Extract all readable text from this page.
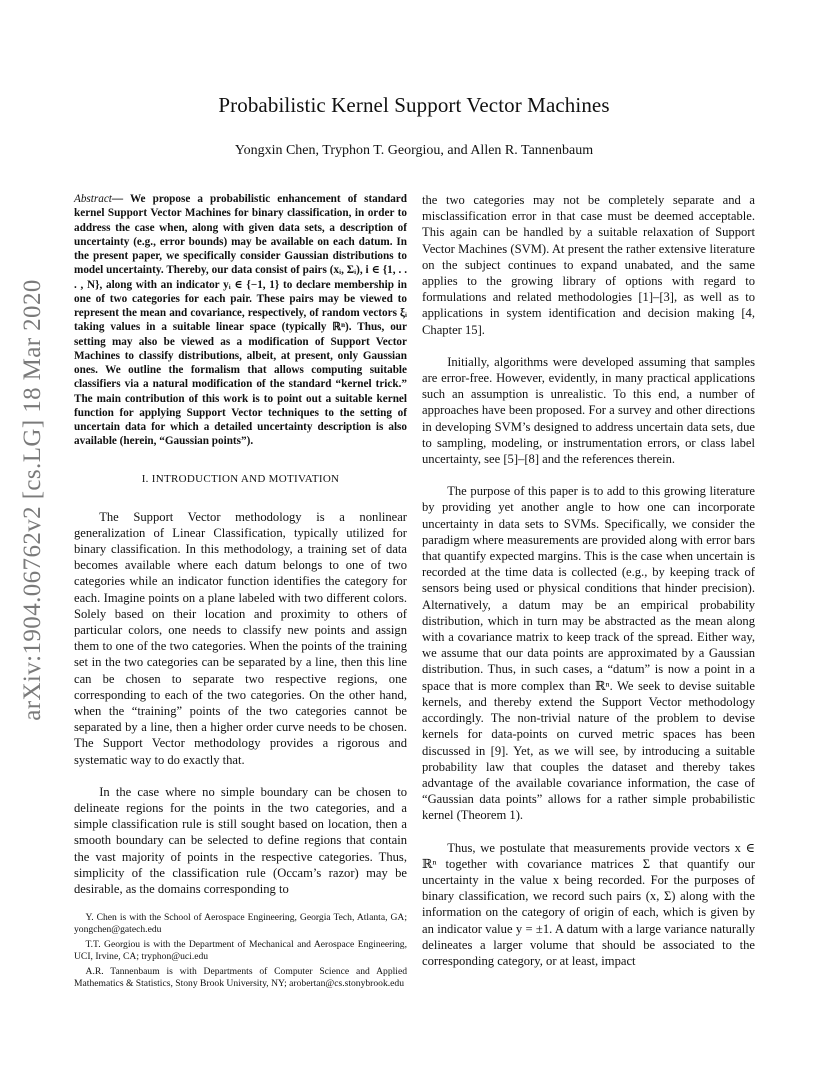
Probabilistic Kernel Support Vector Machines
Yongxin Chen, Tryphon T. Georgiou, and Allen R. Tannenbaum
arXiv:1904.06762v2 [cs.LG] 18 Mar 2020

Abstract— We propose a probabilistic enhancement of standard kernel Support Vector Machines for binary classification, in order to address the case when, along with given data sets, a description of uncertainty (e.g., error bounds) may be available on each datum. In the present paper, we specifically consider Gaussian distributions to model uncertainty. Thereby, our data consist of pairs (xᵢ, Σᵢ), i ∈ {1, . . . , N}, along with an indicator yᵢ ∈ {−1, 1} to declare membership in one of two categories for each pair. These pairs may be viewed to represent the mean and covariance, respectively, of random vectors ξᵢ taking values in a suitable linear space (typically ℝⁿ). Thus, our setting may also be viewed as a modification of Support Vector Machines to classify distributions, albeit, at present, only Gaussian ones. We outline the formalism that allows computing suitable classifiers via a natural modification of the standard “kernel trick.” The main contribution of this work is to point out a suitable kernel function for applying Support Vector techniques to the setting of uncertain data for which a detailed uncertainty description is also available (herein, “Gaussian points”).

I. INTRODUCTION AND MOTIVATION

The Support Vector methodology is a nonlinear generalization of Linear Classification, typically utilized for binary classification. In this methodology, a training set of data becomes available where each datum belongs to one of two categories while an indicator function identifies the category for each. Imagine points on a plane labeled with two different colors. Solely based on their location and proximity to others of particular colors, one needs to classify new points and assign them to one of the two categories. When the points of the training set in the two categories can be separated by a line, then this line can be chosen to separate two respective regions, one corresponding to each of the two categories. On the other hand, when the “training” points of the two categories cannot be separated by a line, then a higher order curve needs to be chosen. The Support Vector methodology provides a rigorous and systematic way to do exactly that.

In the case where no simple boundary can be chosen to delineate regions for the points in the two categories, and a simple classification rule is still sought based on location, then a smooth boundary can be selected to define regions that contain the vast majority of points in the respective categories. Thus, simplicity of the classification rule (Occam’s razor) may be desirable, as the domains corresponding to

the two categories may not be completely separate and a misclassification error in that case must be deemed acceptable. This again can be handled by a suitable relaxation of Support Vector Machines (SVM). At present the rather extensive literature on the subject continues to expand unabated, and the same applies to the growing library of options with regard to formulations and related methodologies [1]–[3], as well as to applications in system identification and decision making [4, Chapter 15].

Initially, algorithms were developed assuming that samples are error-free. However, evidently, in many practical applications such an assumption is unrealistic. To this end, a number of approaches have been proposed. For a survey and other directions in developing SVM’s designed to address uncertain data sets, due to sampling, modeling, or instrumentation errors, or class label uncertainty, see [5]–[8] and the references therein.

The purpose of this paper is to add to this growing literature by providing yet another angle to how one can incorporate uncertainty in data sets to SVMs. Specifically, we consider the paradigm where measurements are provided along with error bars that quantify expected margins. This is the case when uncertain is recorded at the time data is collected (e.g., by keeping track of sensors being used or physical conditions that hinder precision). Alternatively, a datum may be an empirical probability distribution, which in turn may be abstracted as the mean along with a covariance matrix to keep track of the spread. Either way, we assume that our data points are approximated by a Gaussian distribution. Thus, in such cases, a “datum” is now a point in a space that is more complex than ℝⁿ. We seek to devise suitable kernels, and thereby extend the Support Vector methodology accordingly. The non-trivial nature of the problem to devise kernels for data-points on curved metric spaces has been discussed in [9]. Yet, as we will see, by introducing a suitable probability law that couples the dataset and thereby takes advantage of the available covariance information, the case of “Gaussian data points” allows for a rather simple probabilistic kernel (Theorem 1).

Thus, we postulate that measurements provide vectors x ∈ ℝⁿ together with covariance matrices Σ that quantify our uncertainty in the value x being recorded. For the purposes of binary classification, we record such pairs (x, Σ) along with the information on the category of origin of each, which is given by an indicator value y = ±1. A datum with a large variance naturally delineates a larger volume that should be associated to the corresponding category, or at least, impact

Y. Chen is with the School of Aerospace Engineering, Georgia Tech, Atlanta, GA; yongchen@gatech.edu

T.T. Georgiou is with the Department of Mechanical and Aerospace Engineering, UCI, Irvine, CA; tryphon@uci.edu

A.R. Tannenbaum is with Departments of Computer Science and Applied Mathematics & Statistics, Stony Brook University, NY; arobertan@cs.stonybrook.edu
